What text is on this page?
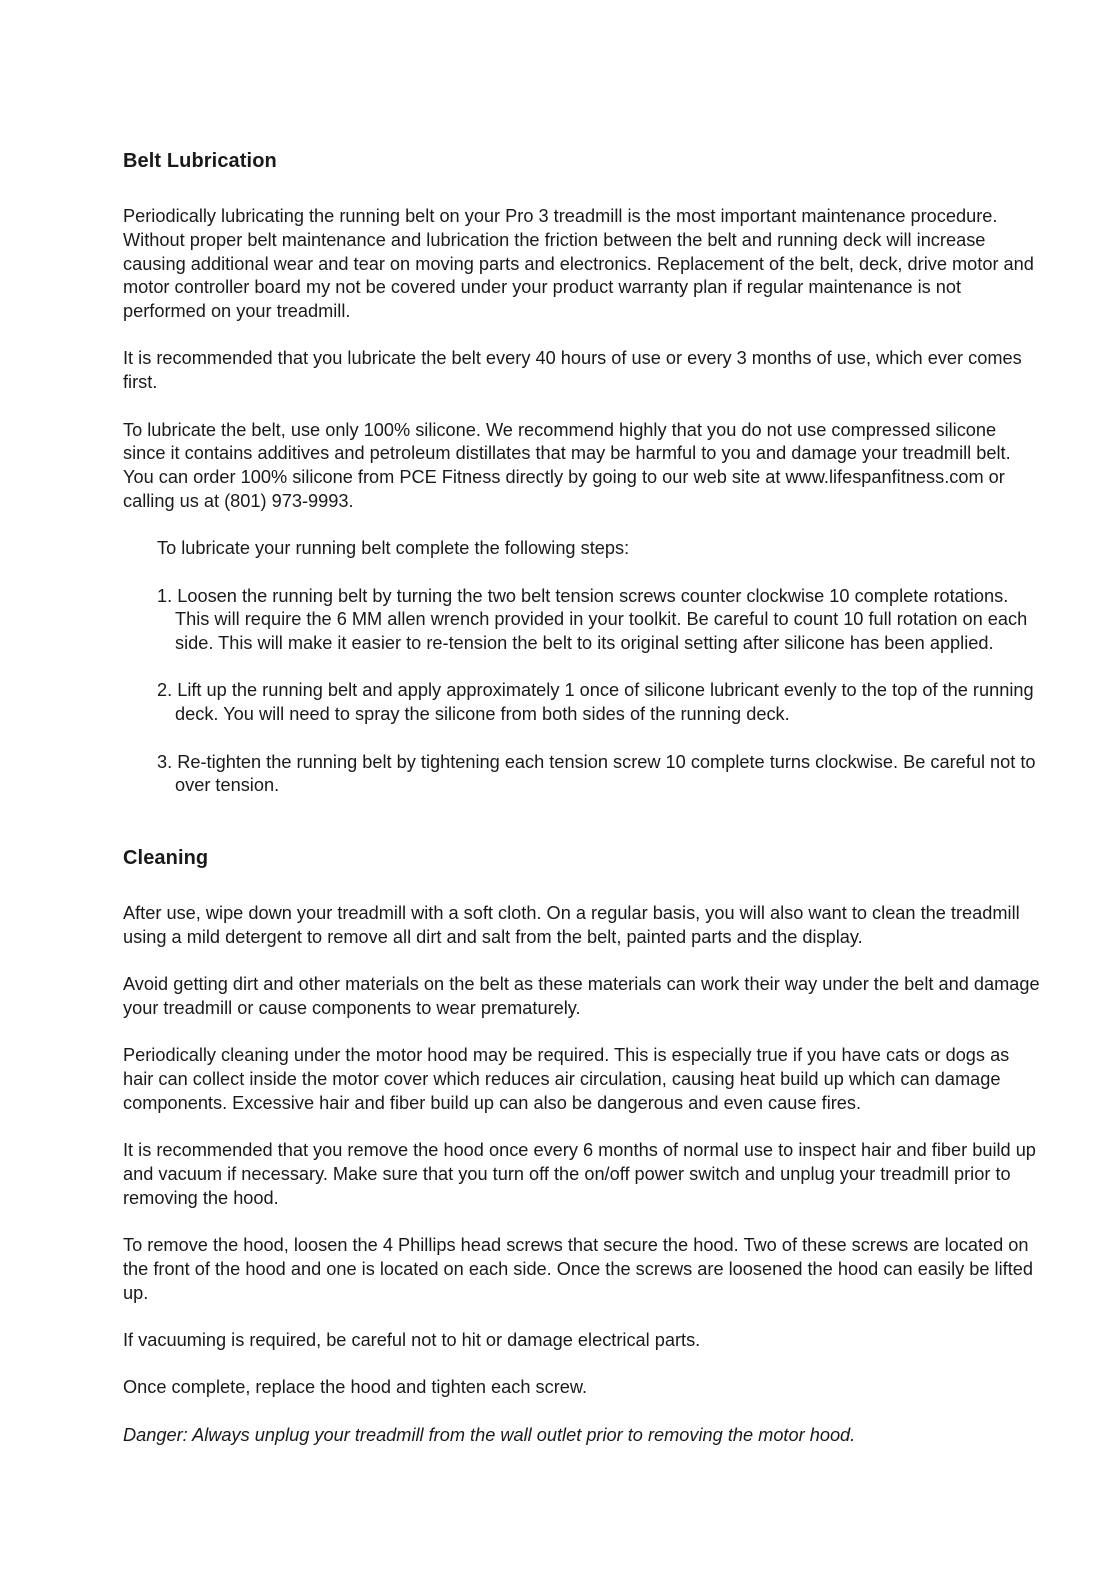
Belt Lubrication

Periodically lubricating the running belt on your Pro 3 treadmill is the most important maintenance procedure. Without proper belt maintenance and lubrication the friction between the belt and running deck will increase causing additional wear and tear on moving parts and electronics. Replacement of the belt, deck, drive motor and motor controller board my not be covered under your product warranty plan if regular maintenance is not performed on your treadmill.

It is recommended that you lubricate the belt every 40 hours of use or every 3 months of use, which ever comes first.

To lubricate the belt, use only 100% silicone. We recommend highly that you do not use compressed silicone since it contains additives and petroleum distillates that may be harmful to you and damage your treadmill belt. You can order 100% silicone from PCE Fitness directly by going to our web site at www.lifespanfitness.com or calling us at (801) 973-9993.

To lubricate your running belt complete the following steps:

1. Loosen the running belt by turning the two belt tension screws counter clockwise 10 complete rotations. This will require the 6 MM allen wrench provided in your toolkit. Be careful to count 10 full rotation on each side. This will make it easier to re-tension the belt to its original setting after silicone has been applied.
2. Lift up the running belt and apply approximately 1 once of silicone lubricant evenly to the top of the running deck. You will need to spray the silicone from both sides of the running deck.
3. Re-tighten the running belt by tightening each tension screw 10 complete turns clockwise. Be careful not to over tension.
Cleaning

After use, wipe down your treadmill with a soft cloth. On a regular basis, you will also want to clean the treadmill using a mild detergent to remove all dirt and salt from the belt, painted parts and the display.

Avoid getting dirt and other materials on the belt as these materials can work their way under the belt and damage your treadmill or cause components to wear prematurely.

Periodically cleaning under the motor hood may be required. This is especially true if you have cats or dogs as hair can collect inside the motor cover which reduces air circulation, causing heat build up which can damage components. Excessive hair and fiber build up can also be dangerous and even cause fires.

It is recommended that you remove the hood once every 6 months of normal use to inspect hair and fiber build up and vacuum if necessary. Make sure that you turn off the on/off power switch and unplug your treadmill prior to removing the hood.

To remove the hood, loosen the 4 Phillips head screws that secure the hood. Two of these screws are located on the front of the hood and one is located on each side. Once the screws are loosened the hood can easily be lifted up.

If vacuuming is required, be careful not to hit or damage electrical parts.

Once complete, replace the hood and tighten each screw.

Danger: Always unplug your treadmill from the wall outlet prior to removing the motor hood.
